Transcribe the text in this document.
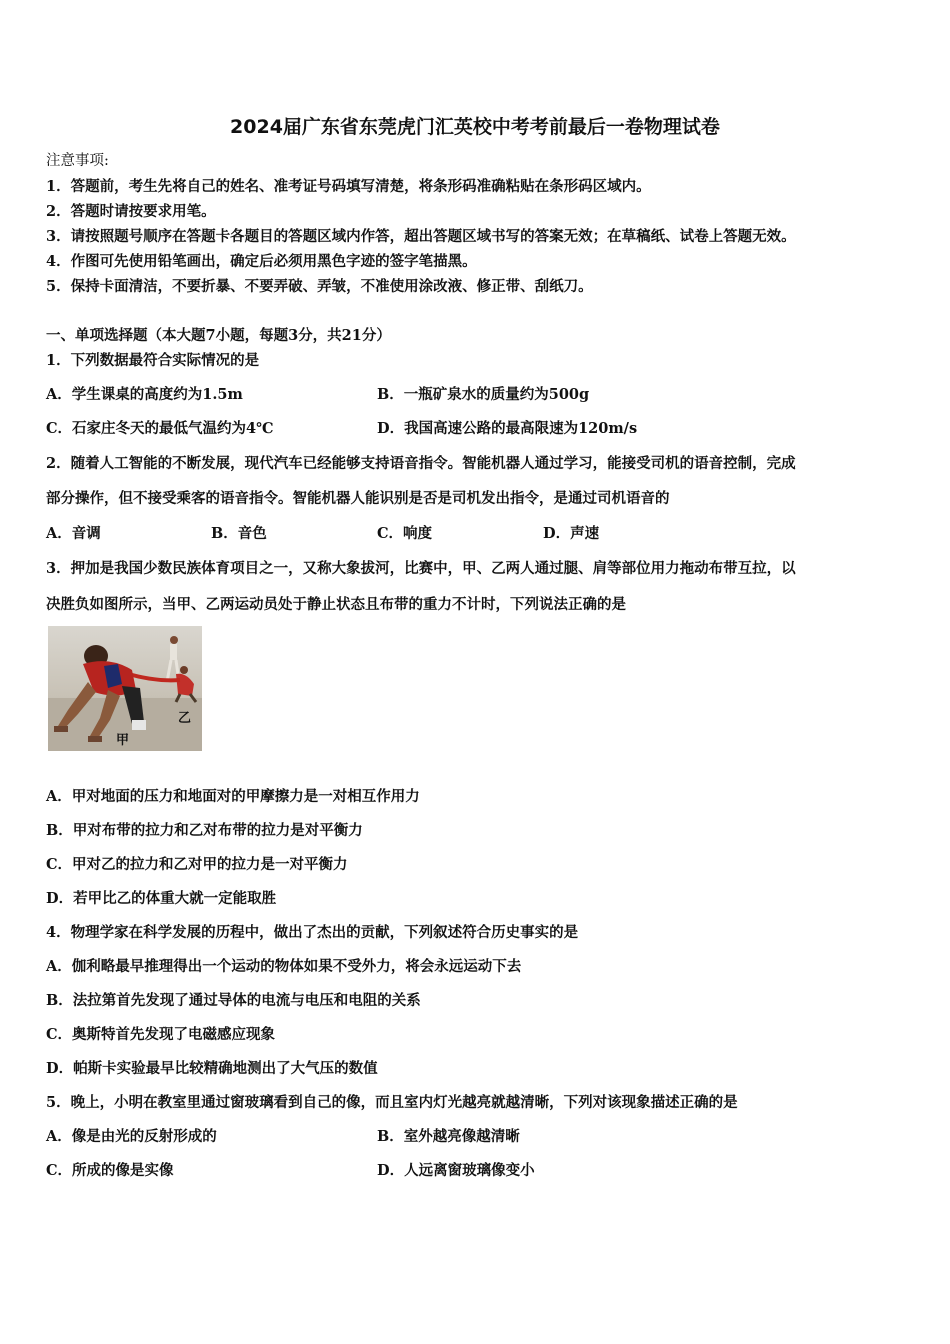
2024届广东省东莞虎门汇英校中考考前最后一卷物理试卷
注意事项:
1．答题前，考生先将自己的姓名、准考证号码填写清楚，将条形码准确粘贴在条形码区域内。
2．答题时请按要求用笔。
3．请按照题号顺序在答题卡各题目的答题区域内作答，超出答题区域书写的答案无效；在草稿纸、试卷上答题无效。
4．作图可先使用铅笔画出，确定后必须用黑色字迹的签字笔描黑。
5．保持卡面清洁，不要折暴、不要弄破、弄皱，不准使用涂改液、修正带、刮纸刀。
一、单项选择题（本大题7小题，每题3分，共21分）
1．下列数据最符合实际情况的是
A．学生课桌的高度约为1.5m	B．一瓶矿泉水的质量约为500g
C．石家庄冬天的最低气温约为4℃	D．我国高速公路的最高限速为120m/s
2．随着人工智能的不断发展，现代汽车已经能够支持语音指令。智能机器人通过学习，能接受司机的语音控制，完成
部分操作，但不接受乘客的语音指令。智能机器人能识别是否是司机发出指令，是通过司机语音的
A．音调	B．音色	C．响度	D．声速
3．押加是我国少数民族体育项目之一，又称大象拔河，比赛中，甲、乙两人通过腿、肩等部位用力拖动布带互拉，以
决胜负如图所示，当甲、乙两运动员处于静止状态且布带的重力不计时，下列说法正确的是
乙
甲
A．甲对地面的压力和地面对的甲摩擦力是一对相互作用力
B．甲对布带的拉力和乙对布带的拉力是对平衡力
C．甲对乙的拉力和乙对甲的拉力是一对平衡力
D．若甲比乙的体重大就一定能取胜
4．物理学家在科学发展的历程中，做出了杰出的贡献，下列叙述符合历史事实的是
A．伽利略最早推理得出一个运动的物体如果不受外力，将会永远运动下去
B．法拉第首先发现了通过导体的电流与电压和电阻的关系
C．奥斯特首先发现了电磁感应现象
D．帕斯卡实验最早比较精确地测出了大气压的数值
5．晚上，小明在教室里通过窗玻璃看到自己的像，而且室内灯光越亮就越清晰，下列对该现象描述正确的是
A．像是由光的反射形成的	B．室外越亮像越清晰
C．所成的像是实像	D．人远离窗玻璃像变小
